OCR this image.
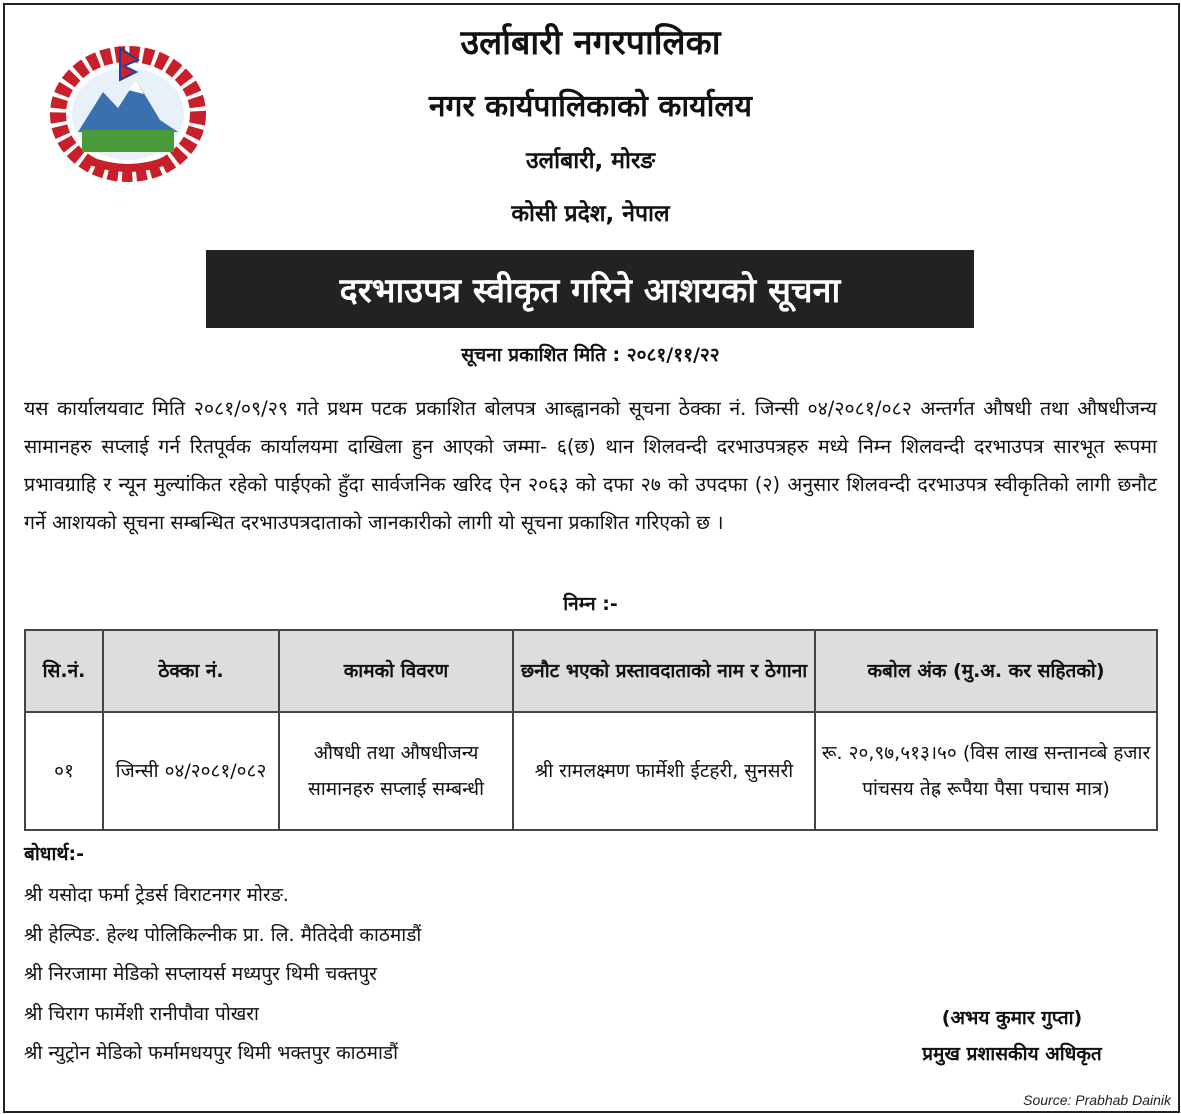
उर्लाबारी नगरपालिका
नगर कार्यपालिकाको कार्यालय
उर्लाबारी, मोरङ
कोसी प्रदेश, नेपाल
दरभाउपत्र स्वीकृत गरिने आशयको सूचना
सूचना प्रकाशित मिति : २०८१/११/२२
यस कार्यालयवाट मिति २०८१/०९/२९ गते प्रथम पटक प्रकाशित बोलपत्र आब्ह्वानको सूचना ठेक्का नं. जिन्सी ०४/२०८१/०८२ अन्तर्गत औषधी तथा औषधीजन्य सामानहरु सप्लाई गर्न रितपूर्वक कार्यालयमा दाखिला हुन आएको जम्मा- ६(छ) थान शिलवन्दी दरभाउपत्रहरु मध्ये निम्न शिलवन्दी दरभाउपत्र सारभूत रूपमा प्रभावग्राहि र न्यून मुल्यांकित रहेको पाईएको हुँदा सार्वजनिक खरिद ऐन २०६३ को दफा २७ को उपदफा (२) अनुसार शिलवन्दी दरभाउपत्र स्वीकृतिको लागी छनौट गर्ने आशयको सूचना सम्बन्धित दरभाउपत्रदाताको जानकारीको लागी यो सूचना प्रकाशित गरिएको छ ।
निम्न :-
सि.नं.	ठेक्का नं.	कामको विवरण	छनौट भएको प्रस्तावदाताको नाम र ठेगाना	कबोल अंक (मु.अ. कर सहितको)
०१	जिन्सी ०४/२०८१/०८२	औषधी तथा औषधीजन्य सामानहरु सप्लाई सम्बन्धी	श्री रामलक्ष्मण फार्मेशी ईटहरी, सुनसरी	रू. २०,९७,५१३।५० (विस लाख सन्तानव्बे हजार पांचसय तेह्र रूपैया पैसा पचास मात्र)
बोधार्थ:-
श्री यसोदा फर्मा ट्रेडर्स विराटनगर मोरङ.
श्री हेल्पिङ. हेल्थ पोलिकिल्नीक प्रा. लि. मैतिदेवी काठमाडौं
श्री निरजामा मेडिको सप्लायर्स मध्यपुर थिमी चक्तपुर
श्री चिराग फार्मेशी रानीपौवा पोखरा
श्री न्युट्रोन मेडिको फर्मामधयपुर थिमी भक्तपुर काठमाडौं
(अभय कुमार गुप्ता)
प्रमुख प्रशासकीय अधिकृत
Source: Prabhab Dainik
